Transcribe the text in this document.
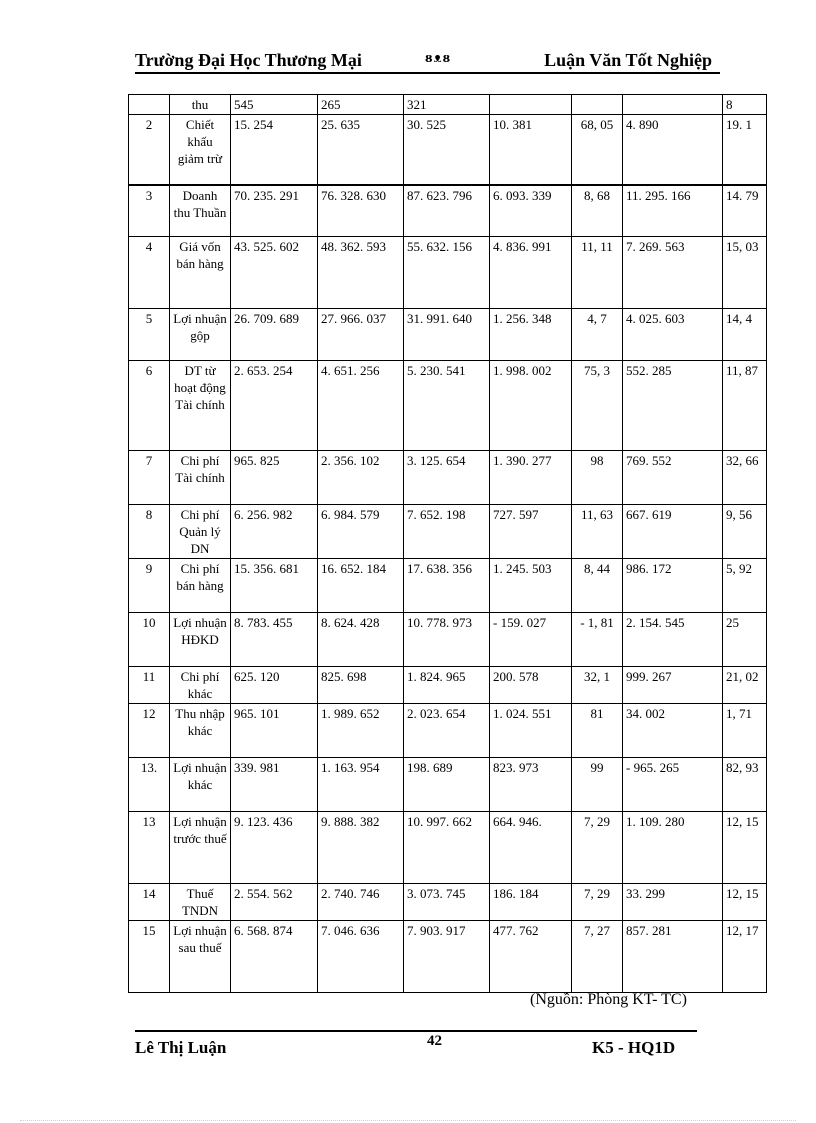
Trường Đại Học Thương Mại	ᴕᴥᴕ	Luận Văn Tốt Nghiệp
	thu	545	265	321				8
2	Chiết khấu giảm trừ	15. 254	25. 635	30. 525	10. 381	68, 05	4. 890	19. 1
3	Doanh thu Thuần	70. 235. 291	76. 328. 630	87. 623. 796	6. 093. 339	8, 68	11. 295. 166	14. 79
4	Giá vốn bán hàng	43. 525. 602	48. 362. 593	55. 632. 156	4. 836. 991	11, 11	7. 269. 563	15, 03
5	Lợi nhuận gộp	26. 709. 689	27. 966. 037	31. 991. 640	1. 256. 348	4, 7	4. 025. 603	14, 4
6	DT từ hoạt động Tài chính	2. 653. 254	4. 651. 256	5. 230. 541	1. 998. 002	75, 3	552. 285	11, 87
7	Chi phí Tài chính	965. 825	2. 356. 102	3. 125. 654	1. 390. 277	98	769. 552	32, 66
8	Chi phí Quản lý DN	6. 256. 982	6. 984. 579	7. 652. 198	727. 597	11, 63	667. 619	9, 56
9	Chi phí bán hàng	15. 356. 681	16. 652. 184	17. 638. 356	1. 245. 503	8, 44	986. 172	5, 92
10	Lợi nhuận HĐKD	8. 783. 455	8. 624. 428	10. 778. 973	- 159. 027	- 1, 81	2. 154. 545	25
11	Chi phí khác	625. 120	825. 698	1. 824. 965	200. 578	32, 1	999. 267	21, 02
12	Thu nhập khác	965. 101	1. 989. 652	2. 023. 654	1. 024. 551	81	34. 002	1, 71
13.	Lợi nhuận khác	339. 981	1. 163. 954	198. 689	823. 973	99	- 965. 265	82, 93
13	Lợi nhuận trước thuế	9. 123. 436	9. 888. 382	10. 997. 662	664. 946.	7, 29	1. 109. 280	12, 15
14	Thuế TNDN	2. 554. 562	2. 740. 746	3. 073. 745	186. 184	7, 29	33. 299	12, 15
15	Lợi nhuận sau thuế	6. 568. 874	7. 046. 636	7. 903. 917	477. 762	7, 27	857. 281	12, 17
(Nguồn: Phòng KT- TC)
Lê Thị Luận	42	K5 - HQ1D
